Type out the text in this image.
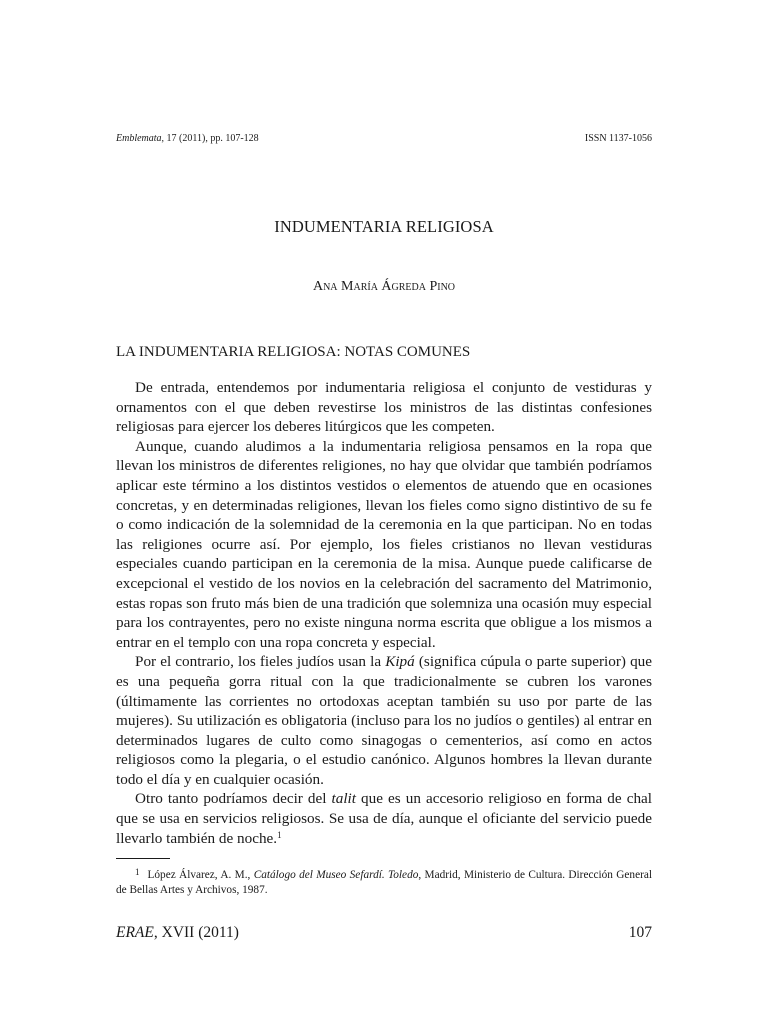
Emblemata, 17 (2011), pp. 107-128	ISSN 1137-1056
INDUMENTARIA RELIGIOSA
Ana María Ágreda Pino
LA INDUMENTARIA RELIGIOSA: NOTAS COMUNES

De entrada, entendemos por indumentaria religiosa el conjunto de vestiduras y ornamentos con el que deben revestirse los ministros de las distintas confesiones religiosas para ejercer los deberes litúrgicos que les competen.

Aunque, cuando aludimos a la indumentaria religiosa pensamos en la ropa que llevan los ministros de diferentes religiones, no hay que olvidar que también podríamos aplicar este término a los distintos vestidos o elementos de atuendo que en ocasiones concretas, y en determinadas religiones, llevan los fieles como signo distintivo de su fe o como indicación de la solemnidad de la ceremonia en la que participan. No en todas las religiones ocurre así. Por ejemplo, los fieles cristianos no llevan vestiduras especiales cuando participan en la ceremonia de la misa. Aunque puede calificarse de excepcional el vestido de los novios en la celebración del sacramento del Matrimonio, estas ropas son fruto más bien de una tradición que solemniza una ocasión muy especial para los contrayentes, pero no existe ninguna norma escrita que obligue a los mismos a entrar en el templo con una ropa concreta y especial.

Por el contrario, los fieles judíos usan la Kipá (significa cúpula o parte superior) que es una pequeña gorra ritual con la que tradicionalmente se cubren los varones (últimamente las corrientes no ortodoxas aceptan también su uso por parte de las mujeres). Su utilización es obligatoria (incluso para los no judíos o gentiles) al entrar en determinados lugares de culto como sinagogas o cementerios, así como en actos religiosos como la plegaria, o el estudio canónico. Algunos hombres la llevan durante todo el día y en cualquier ocasión.

Otro tanto podríamos decir del talit que es un accesorio religioso en forma de chal que se usa en servicios religiosos. Se usa de día, aunque el oficiante del servicio puede llevarlo también de noche.$^1$

$^1$ López Álvarez, A. M., Catálogo del Museo Sefardí. Toledo, Madrid, Ministerio de Cultura. Dirección General de Bellas Artes y Archivos, 1987.
ERAE, XVII (2011)	107
